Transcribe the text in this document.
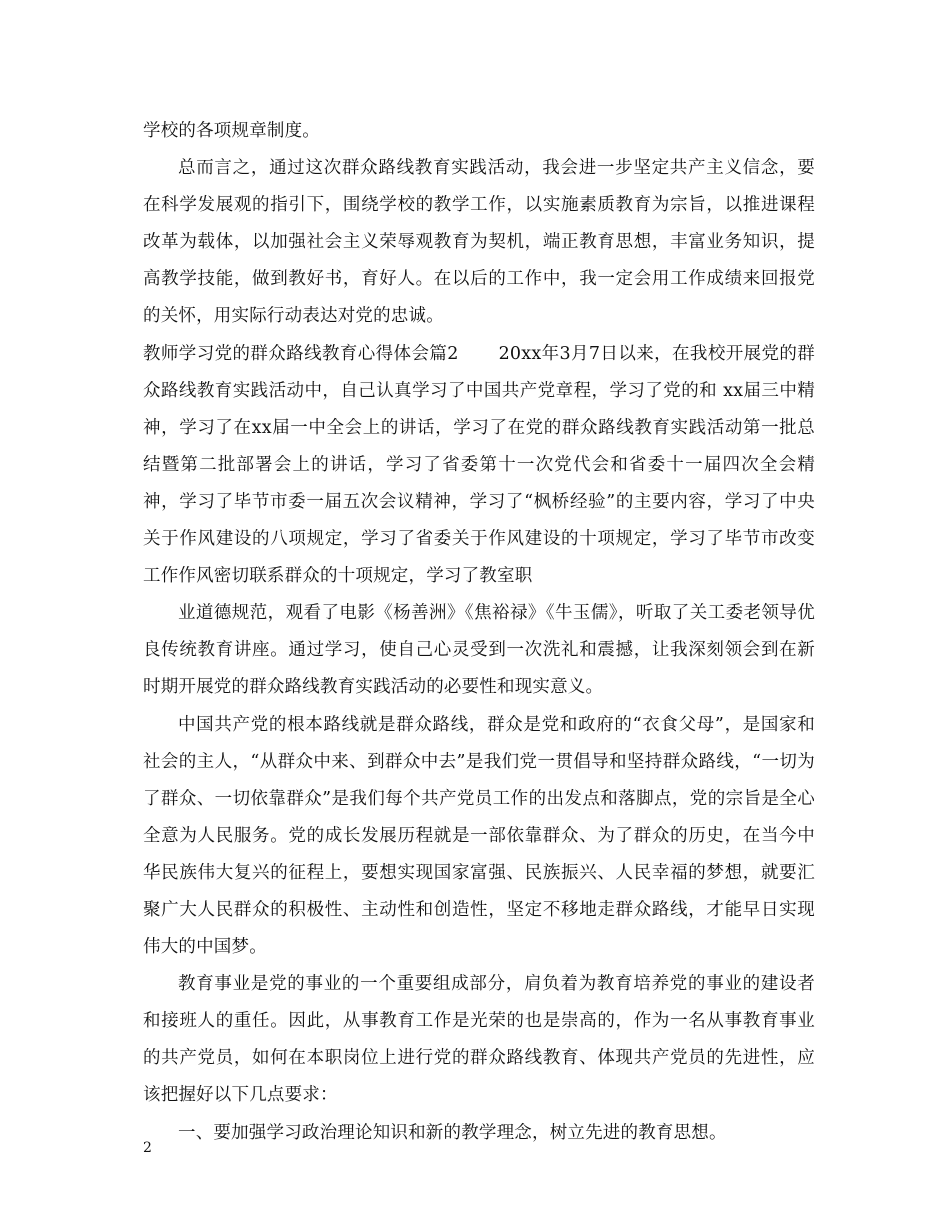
学校的各项规章制度。

总而言之，通过这次群众路线教育实践活动，我会进一步坚定共产主义信念，要在科学发展观的指引下，围绕学校的教学工作，以实施素质教育为宗旨，以推进课程改革为载体，以加强社会主义荣辱观教育为契机，端正教育思想，丰富业务知识，提高教学技能，做到教好书，育好人。在以后的工作中，我一定会用工作成绩来回报党的关怀，用实际行动表达对党的忠诚。

教师学习党的群众路线教育心得体会篇2 20xx年3月7日以来，在我校开展党的群众路线教育实践活动中，自己认真学习了中国共产党章程，学习了党的和 xx届三中精神，学习了在xx届一中全会上的讲话，学习了在党的群众路线教育实践活动第一批总结暨第二批部署会上的讲话，学习了省委第十一次党代会和省委十一届四次全会精神，学习了毕节市委一届五次会议精神，学习了“枫桥经验”的主要内容，学习了中央关于作风建设的八项规定，学习了省委关于作风建设的十项规定，学习了毕节市改变工作作风密切联系群众的十项规定，学习了教室职

业道德规范，观看了电影《杨善洲》《焦裕禄》《牛玉儒》，听取了关工委老领导优良传统教育讲座。通过学习，使自己心灵受到一次洗礼和震撼，让我深刻领会到在新时期开展党的群众路线教育实践活动的必要性和现实意义。

中国共产党的根本路线就是群众路线，群众是党和政府的“衣食父母”，是国家和社会的主人，“从群众中来、到群众中去”是我们党一贯倡导和坚持群众路线，“一切为了群众、一切依靠群众”是我们每个共产党员工作的出发点和落脚点，党的宗旨是全心全意为人民服务。党的成长发展历程就是一部依靠群众、为了群众的历史，在当今中华民族伟大复兴的征程上，要想实现国家富强、民族振兴、人民幸福的梦想，就要汇聚广大人民群众的积极性、主动性和创造性，坚定不移地走群众路线，才能早日实现伟大的中国梦。

教育事业是党的事业的一个重要组成部分，肩负着为教育培养党的事业的建设者和接班人的重任。因此，从事教育工作是光荣的也是崇高的，作为一名从事教育事业的共产党员，如何在本职岗位上进行党的群众路线教育、体现共产党员的先进性，应该把握好以下几点要求：

一、要加强学习政治理论知识和新的教学理念，树立先进的教育思想。

2
